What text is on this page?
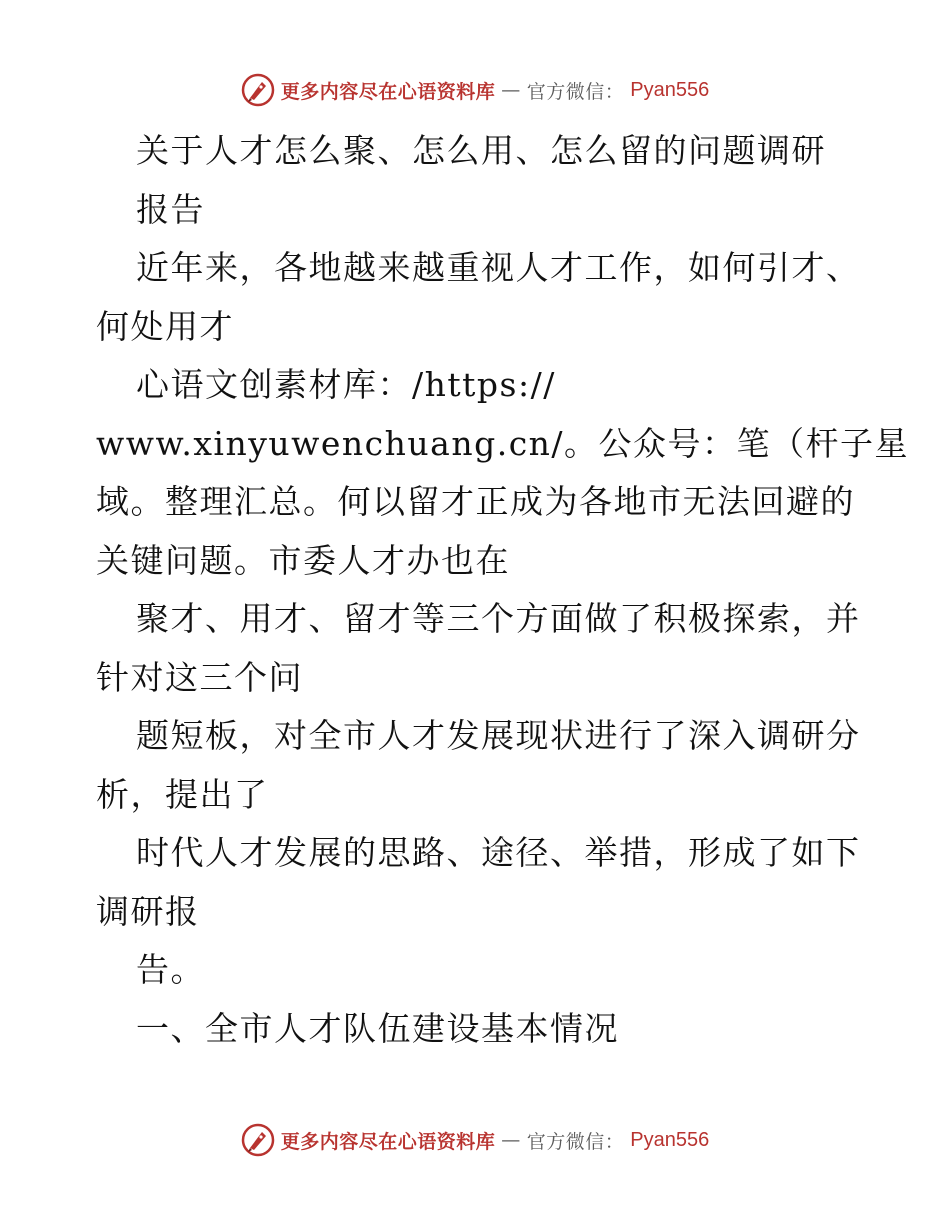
更多内容尽在心语资料库 — 官方微信： Pyan556
关于人才怎么聚、怎么用、怎么留的问题调研
报告
近年来，各地越来越重视人才工作，如何引才、
何处用才
心语文创素材库：/https://
www.xinyuwenchuang.cn/。公众号：笔（杆子星
域。整理汇总。何以留才正成为各地市无法回避的
关键问题。市委人才办也在
聚才、用才、留才等三个方面做了积极探索，并
针对这三个问
题短板，对全市人才发展现状进行了深入调研分
析，提出了
时代人才发展的思路、途径、举措，形成了如下
调研报
告。
一、全市人才队伍建设基本情况
更多内容尽在心语资料库 — 官方微信： Pyan556
